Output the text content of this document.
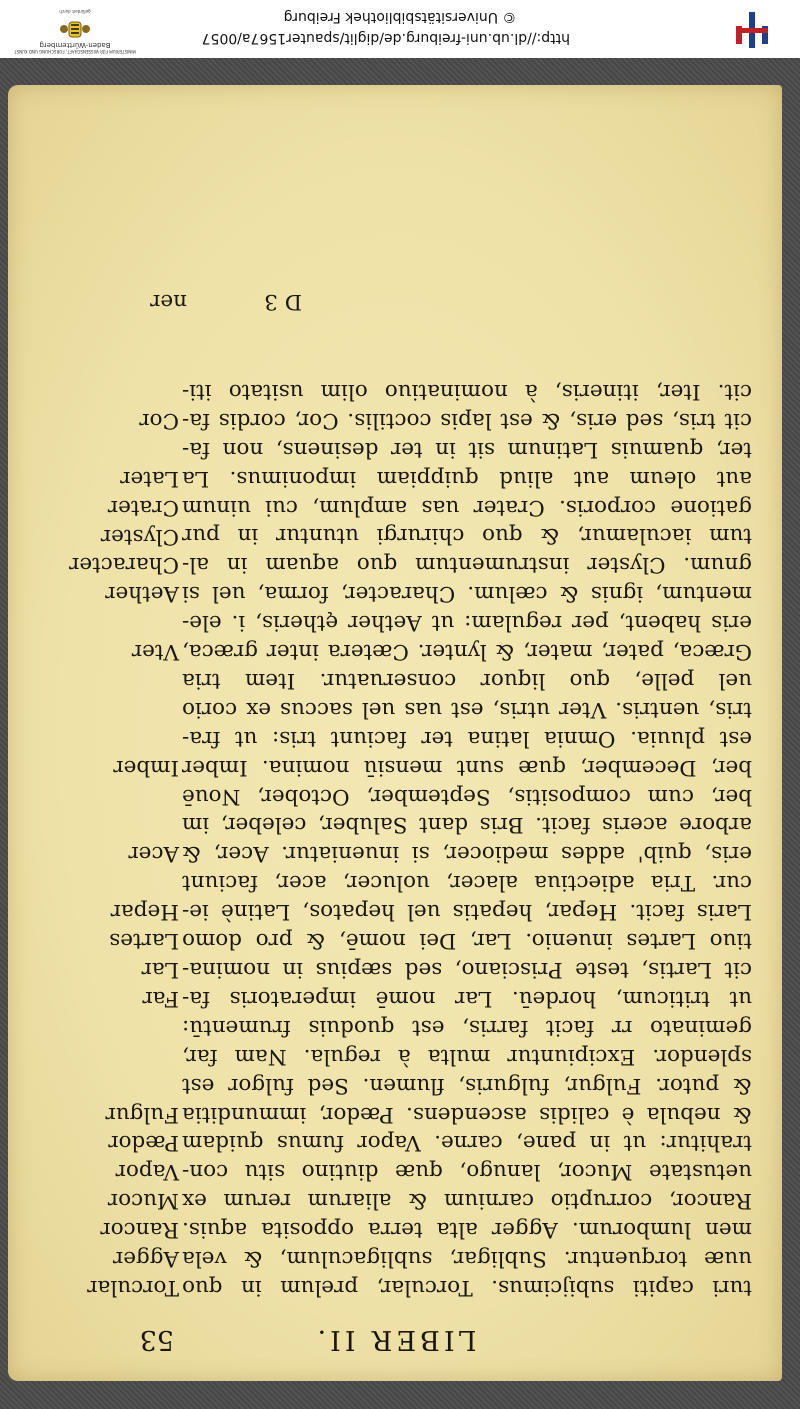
LIBER II.
53
turi capiti subijcimus. Torcular, prelum in quo
uuæ torquentur. Subligar, subligaculum, & vela
men lumborum. Agger alta terra opposita aquis.
Rancor, corruptio carnium & aliarum rerum ex
uetustate Mucor, lanugo, quæ diutino situ con-
trahitur: ut in pane, carne. Vapor fumus quidam
& nebula è calidis ascendens. Pædor, immunditia
& putor. Fulgur, fulguris, flumen. Sed fulgor est
splendor. Excipiuntur multa à regula. Nam far,
geminato rr facit farris, est quoduis frumentū:
ut triticum, hordeū. Lar nomē imperatoris fa-
cit Lartis, teste Prisciano, sed sæpius in nomina-
tiuo Lartes inuenio. Lar, Dei nomē, & pro domo
Laris facit. Hepar, hepatis uel hepatos, Latinè ie-
cur. Tria adiectiua alacer, uolucer, acer, faciunt
eris, quib' addes mediocer, si inueniatur. Acer, &
arbore aceris facit. Bris dant Saluber, celeber, im
ber, cum compositis, September, October, Nouē
ber, December, quæ sunt mensiū nomina. Imber
est pluuia. Omnia latina ter faciunt tris: ut fra-
tris, uentris. Vter utris, est uas uel saccus ex corio
uel pelle, quo liquor conseruatur. Item tria
Græca, pater, mater, & lynter. Cætera inter græca,
eris habent, per regulam: ut Aether ętheris, i. ele-
mentum, ignis & cælum. Character, forma, uel si
gnum. Clyster instrumentum quo aquam in al-
tum iaculamur, & quo chirurgi utuntur in pur
gatione corporis. Crater uas amplum, cui uinum
aut oleum aut aliud quippiam imponimus. La
ter, quamuis Latinum sit in ter desinens, non fa-
cit tris, sed eris, & est lapis coctilis. Cor, cordis fa-
cit. Iter, itineris, à nominatiuo olim usitato iti-
Torcular
Agger
Rancor
Mucor
Vapor
Pædor
Fulgur
Far
Lar
Lartes
Hepar
Acer
Imber
Vter
Aether
Character
Clyster
Crater
Later
Cor
D 3
ner
http://dl.ub.uni-freiburg.de/diglit/spauter1567a/0057
© Universitätsbibliothek Freiburg
MINISTERIUM FÜR WISSENSCHAFT, FORSCHUNG UND KUNST
Baden-Württemberg
gefördert durch
